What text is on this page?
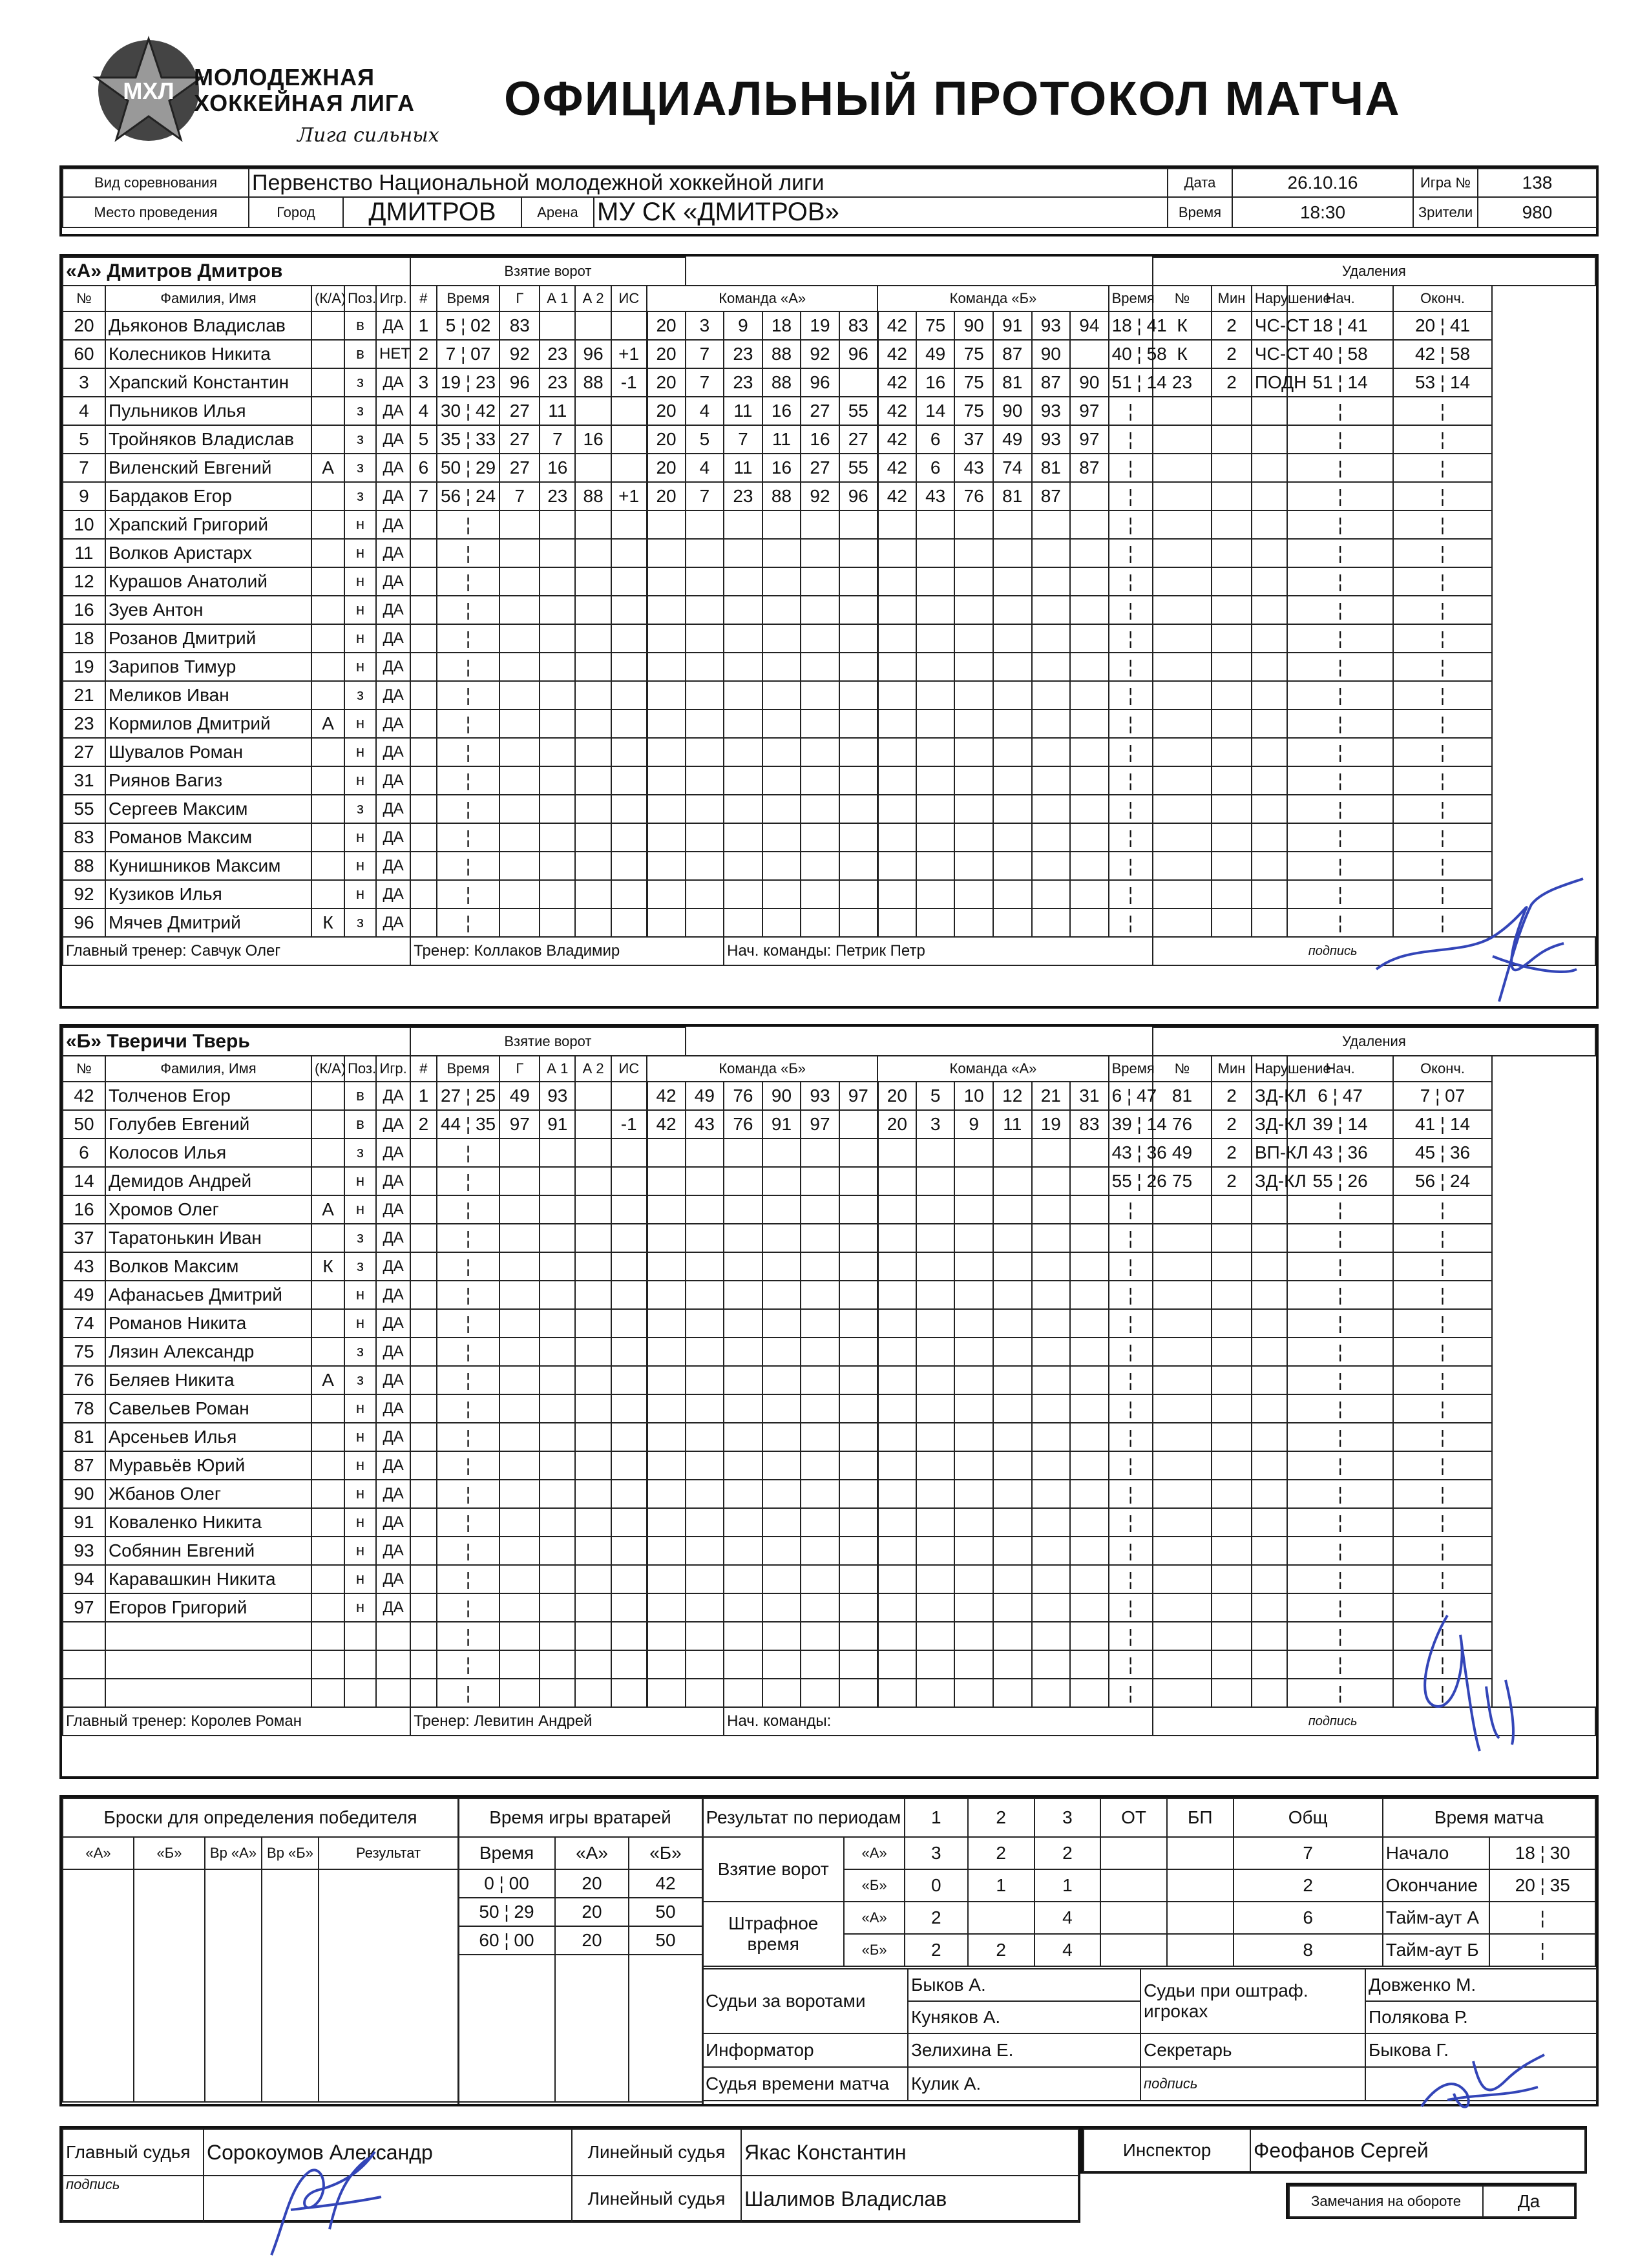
МХЛ
МОЛОДЕЖНАЯ
ХОККЕЙНАЯ ЛИГА
Лига сильных
ОФИЦИАЛЬНЫЙ ПРОТОКОЛ МАТЧА
Вид соревнования	Первенство Национальной молодежной хоккейной лиги				Дата	26.10.16	Игра №	138
Место проведения	Город	ДМИТРОВ	Арена	МУ СК «ДМИТРОВ»	Время	18:30	Зрители	980
«А» Дмитров Дмитров					Взятие ворот																			Удаления				
№	Фамилия, Имя	(К/А)	Поз.	Игр.	#	Время	Г	А 1	А 2	ИС	Команда «А»						Команда «Б»						Время	№	Мин	Нарушение	Нач.	Оконч.
20	Дьяконов Владислав		в	ДА	1	5 ¦ 02	83				20	3	9	18	19	83	42	75	90	91	93	94	18 ¦ 41	К	2	ЧС-СТ	18 ¦ 41	20 ¦ 41
60	Колесников Никита		в	НЕТ	2	7 ¦ 07	92	23	96	+1	20	7	23	88	92	96	42	49	75	87	90		40 ¦ 58	К	2	ЧС-СТ	40 ¦ 58	42 ¦ 58
3	Храпский Константин		з	ДА	3	19 ¦ 23	96	23	88	-1	20	7	23	88	96		42	16	75	81	87	90	51 ¦ 14	23	2	ПОДН	51 ¦ 14	53 ¦ 14
4	Пульников Илья		з	ДА	4	30 ¦ 42	27	11			20	4	11	16	27	55	42	14	75	90	93	97	¦				¦	¦
5	Тройняков Владислав		з	ДА	5	35 ¦ 33	27	7	16		20	5	7	11	16	27	42	6	37	49	93	97	¦				¦	¦
7	Виленский Евгений	А	з	ДА	6	50 ¦ 29	27	16			20	4	11	16	27	55	42	6	43	74	81	87	¦				¦	¦
9	Бардаков Егор		з	ДА	7	56 ¦ 24	7	23	88	+1	20	7	23	88	92	96	42	43	76	81	87		¦				¦	¦
10	Храпский Григорий		н	ДА		¦																	¦				¦	¦
11	Волков Аристарх		н	ДА		¦																	¦				¦	¦
12	Курашов Анатолий		н	ДА		¦																	¦				¦	¦
16	Зуев Антон		н	ДА		¦																	¦				¦	¦
18	Розанов Дмитрий		н	ДА		¦																	¦				¦	¦
19	Зарипов Тимур		н	ДА		¦																	¦				¦	¦
21	Меликов Иван		з	ДА		¦																	¦				¦	¦
23	Кормилов Дмитрий	А	н	ДА		¦																	¦				¦	¦
27	Шувалов Роман		н	ДА		¦																	¦				¦	¦
31	Риянов Вагиз		н	ДА		¦																	¦				¦	¦
55	Сергеев Максим		з	ДА		¦																	¦				¦	¦
83	Романов Максим		н	ДА		¦																	¦				¦	¦
88	Кунишников Максим		н	ДА		¦																	¦				¦	¦
92	Кузиков Илья		н	ДА		¦																	¦				¦	¦
96	Мячев Дмитрий	К	з	ДА		¦																	¦				¦	¦
Главный тренер: Савчук Олег					Тренер: Коллаков Владимир								Нач. команды: Петрик Петр											подпись				
«Б» Тверичи Тверь					Взятие ворот																			Удаления				
№	Фамилия, Имя	(К/А)	Поз.	Игр.	#	Время	Г	А 1	А 2	ИС	Команда «Б»						Команда «А»						Время	№	Мин	Нарушение	Нач.	Оконч.
42	Толченов Егор		в	ДА	1	27 ¦ 25	49	93			42	49	76	90	93	97	20	5	10	12	21	31	6 ¦ 47	81	2	ЗД-КЛ	6 ¦ 47	7 ¦ 07
50	Голубев Евгений		в	ДА	2	44 ¦ 35	97	91		-1	42	43	76	91	97		20	3	9	11	19	83	39 ¦ 14	76	2	ЗД-КЛ	39 ¦ 14	41 ¦ 14
6	Колосов Илья		з	ДА		¦																	43 ¦ 36	49	2	ВП-КЛ	43 ¦ 36	45 ¦ 36
14	Демидов Андрей		н	ДА		¦																	55 ¦ 26	75	2	ЗД-КЛ	55 ¦ 26	56 ¦ 24
16	Хромов Олег	А	н	ДА		¦																	¦				¦	¦
37	Таратонькин Иван		з	ДА		¦																	¦				¦	¦
43	Волков Максим	К	з	ДА		¦																	¦				¦	¦
49	Афанасьев Дмитрий		н	ДА		¦																	¦				¦	¦
74	Романов Никита		н	ДА		¦																	¦				¦	¦
75	Лязин Александр		з	ДА		¦																	¦				¦	¦
76	Беляев Никита	А	з	ДА		¦																	¦				¦	¦
78	Савельев Роман		н	ДА		¦																	¦				¦	¦
81	Арсеньев Илья		н	ДА		¦																	¦				¦	¦
87	Муравьёв Юрий		н	ДА		¦																	¦				¦	¦
90	Жбанов Олег		н	ДА		¦																	¦				¦	¦
91	Коваленко Никита		н	ДА		¦																	¦				¦	¦
93	Собянин Евгений		н	ДА		¦																	¦				¦	¦
94	Каравашкин Никита		н	ДА		¦																	¦				¦	¦
97	Егоров Григорий		н	ДА		¦																	¦				¦	¦
						¦																	¦				¦	¦
						¦																	¦				¦	¦
						¦																	¦				¦	¦
Главный тренер: Королев Роман					Тренер: Левитин Андрей								Нач. команды:											подпись				
Броски для определения победителя				
«А»	«Б»	Вр «А»	Вр «Б»	Результат

Время игры вратарей		
Время	«А»	«Б»
0 ¦ 00	20	42
50 ¦ 29	20	50
60 ¦ 00	20	50

Результат по периодам		1	2	3	ОТ	БП	Общ	Время матча	
Взятие ворот	«А»	3	2	2			7	Начало	18 ¦ 30
	«Б»	0	1	1			2	Окончание	20 ¦ 35
Штрафное время	«А»	2		4			6	Тайм-аут А	¦
	«Б»	2	2	4			8	Тайм-аут Б	¦
Судьи за воротами	Быков А.	Судьи при оштраф. игроках	Довженко М.
	Куняков А.		Полякова Р.
Информатор	Зелихина Е.	Секретарь	Быкова Г.
Судья времени матча	Кулик А.	подпись	
Главный судья	Сорокоумов Александр	Линейный судья	Якас Константин
подпись		Линейный судья	Шалимов Владислав
Инспектор	Феофанов Сергей
Замечания на обороте	Да
